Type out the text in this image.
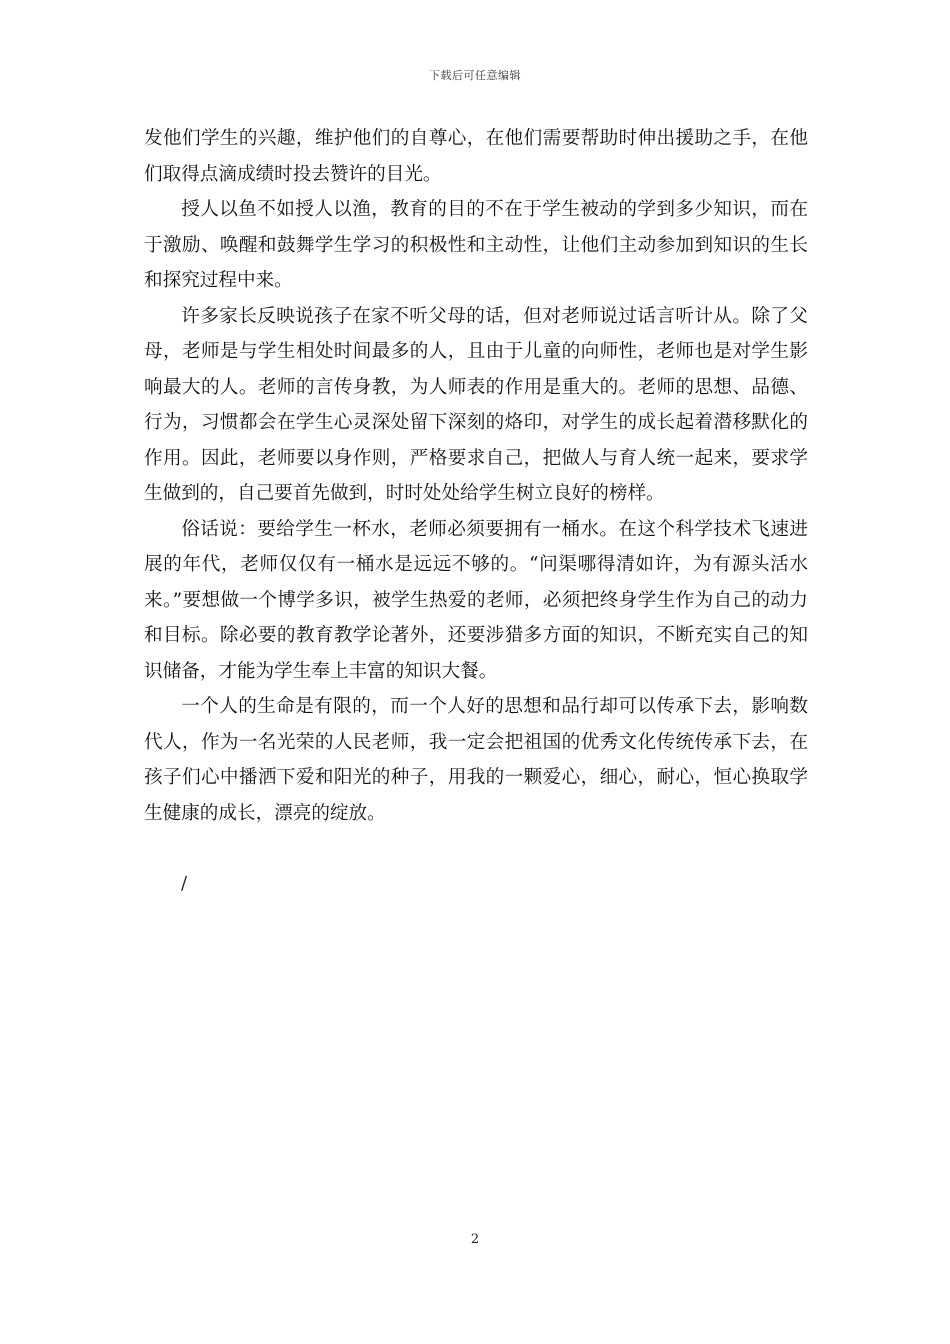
下载后可任意编辑

发他们学生的兴趣，维护他们的自尊心，在他们需要帮助时伸出援助之手，在他们取得点滴成绩时投去赞许的目光。

授人以鱼不如授人以渔，教育的目的不在于学生被动的学到多少知识，而在于激励、唤醒和鼓舞学生学习的积极性和主动性，让他们主动参加到知识的生长和探究过程中来。

许多家长反映说孩子在家不听父母的话，但对老师说过话言听计从。除了父母，老师是与学生相处时间最多的人，且由于儿童的向师性，老师也是对学生影响最大的人。老师的言传身教，为人师表的作用是重大的。老师的思想、品德、行为，习惯都会在学生心灵深处留下深刻的烙印，对学生的成长起着潜移默化的作用。因此，老师要以身作则，严格要求自己，把做人与育人统一起来，要求学生做到的，自己要首先做到，时时处处给学生树立良好的榜样。

俗话说：要给学生一杯水，老师必须要拥有一桶水。在这个科学技术飞速进展的年代，老师仅仅有一桶水是远远不够的。“问渠哪得清如许，为有源头活水来。”要想做一个博学多识，被学生热爱的老师，必须把终身学生作为自己的动力和目标。除必要的教育教学论著外，还要涉猎多方面的知识，不断充实自己的知识储备，才能为学生奉上丰富的知识大餐。

一个人的生命是有限的，而一个人好的思想和品行却可以传承下去，影响数代人，作为一名光荣的人民老师，我一定会把祖国的优秀文化传统传承下去，在孩子们心中播洒下爱和阳光的种子，用我的一颗爱心，细心，耐心，恒心换取学生健康的成长，漂亮的绽放。

/
2
